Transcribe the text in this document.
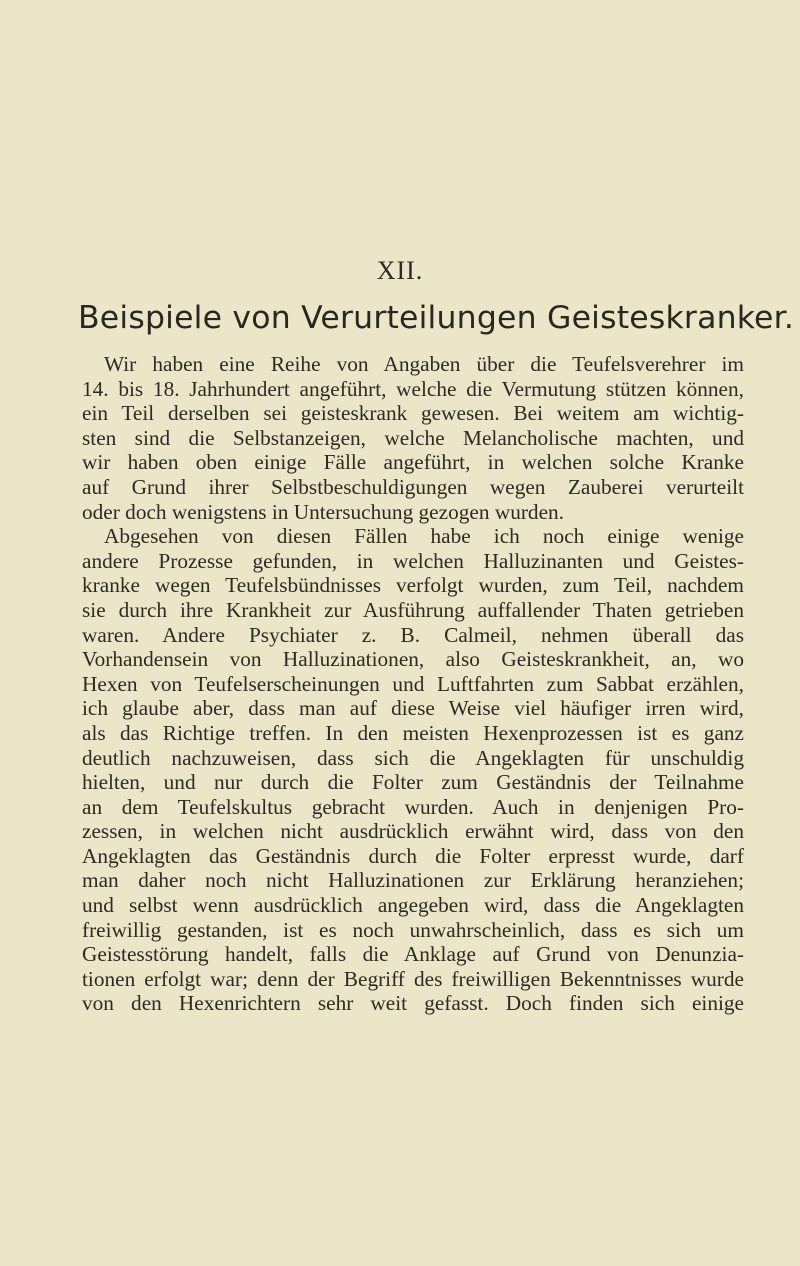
XII.
Beispiele von Verurteilungen Geisteskranker.
Wir haben eine Reihe von Angaben über die Teufelsverehrer im
14. bis 18. Jahrhundert angeführt, welche die Vermutung stützen können,
ein Teil derselben sei geisteskrank gewesen. Bei weitem am wichtig-
sten sind die Selbstanzeigen, welche Melancholische machten, und
wir haben oben einige Fälle angeführt, in welchen solche Kranke
auf Grund ihrer Selbstbeschuldigungen wegen Zauberei verurteilt
oder doch wenigstens in Untersuchung gezogen wurden.
Abgesehen von diesen Fällen habe ich noch einige wenige
andere Prozesse gefunden, in welchen Halluzinanten und Geistes-
kranke wegen Teufelsbündnisses verfolgt wurden, zum Teil, nachdem
sie durch ihre Krankheit zur Ausführung auffallender Thaten getrieben
waren. Andere Psychiater z. B. Calmeil, nehmen überall das
Vorhandensein von Halluzinationen, also Geisteskrankheit, an, wo
Hexen von Teufelserscheinungen und Luftfahrten zum Sabbat erzählen,
ich glaube aber, dass man auf diese Weise viel häufiger irren wird,
als das Richtige treffen. In den meisten Hexenprozessen ist es ganz
deutlich nachzuweisen, dass sich die Angeklagten für unschuldig
hielten, und nur durch die Folter zum Geständnis der Teilnahme
an dem Teufelskultus gebracht wurden. Auch in denjenigen Pro-
zessen, in welchen nicht ausdrücklich erwähnt wird, dass von den
Angeklagten das Geständnis durch die Folter erpresst wurde, darf
man daher noch nicht Halluzinationen zur Erklärung heranziehen;
und selbst wenn ausdrücklich angegeben wird, dass die Angeklagten
freiwillig gestanden, ist es noch unwahrscheinlich, dass es sich um
Geistesstörung handelt, falls die Anklage auf Grund von Denunzia-
tionen erfolgt war; denn der Begriff des freiwilligen Bekenntnisses wurde
von den Hexenrichtern sehr weit gefasst. Doch finden sich einige
